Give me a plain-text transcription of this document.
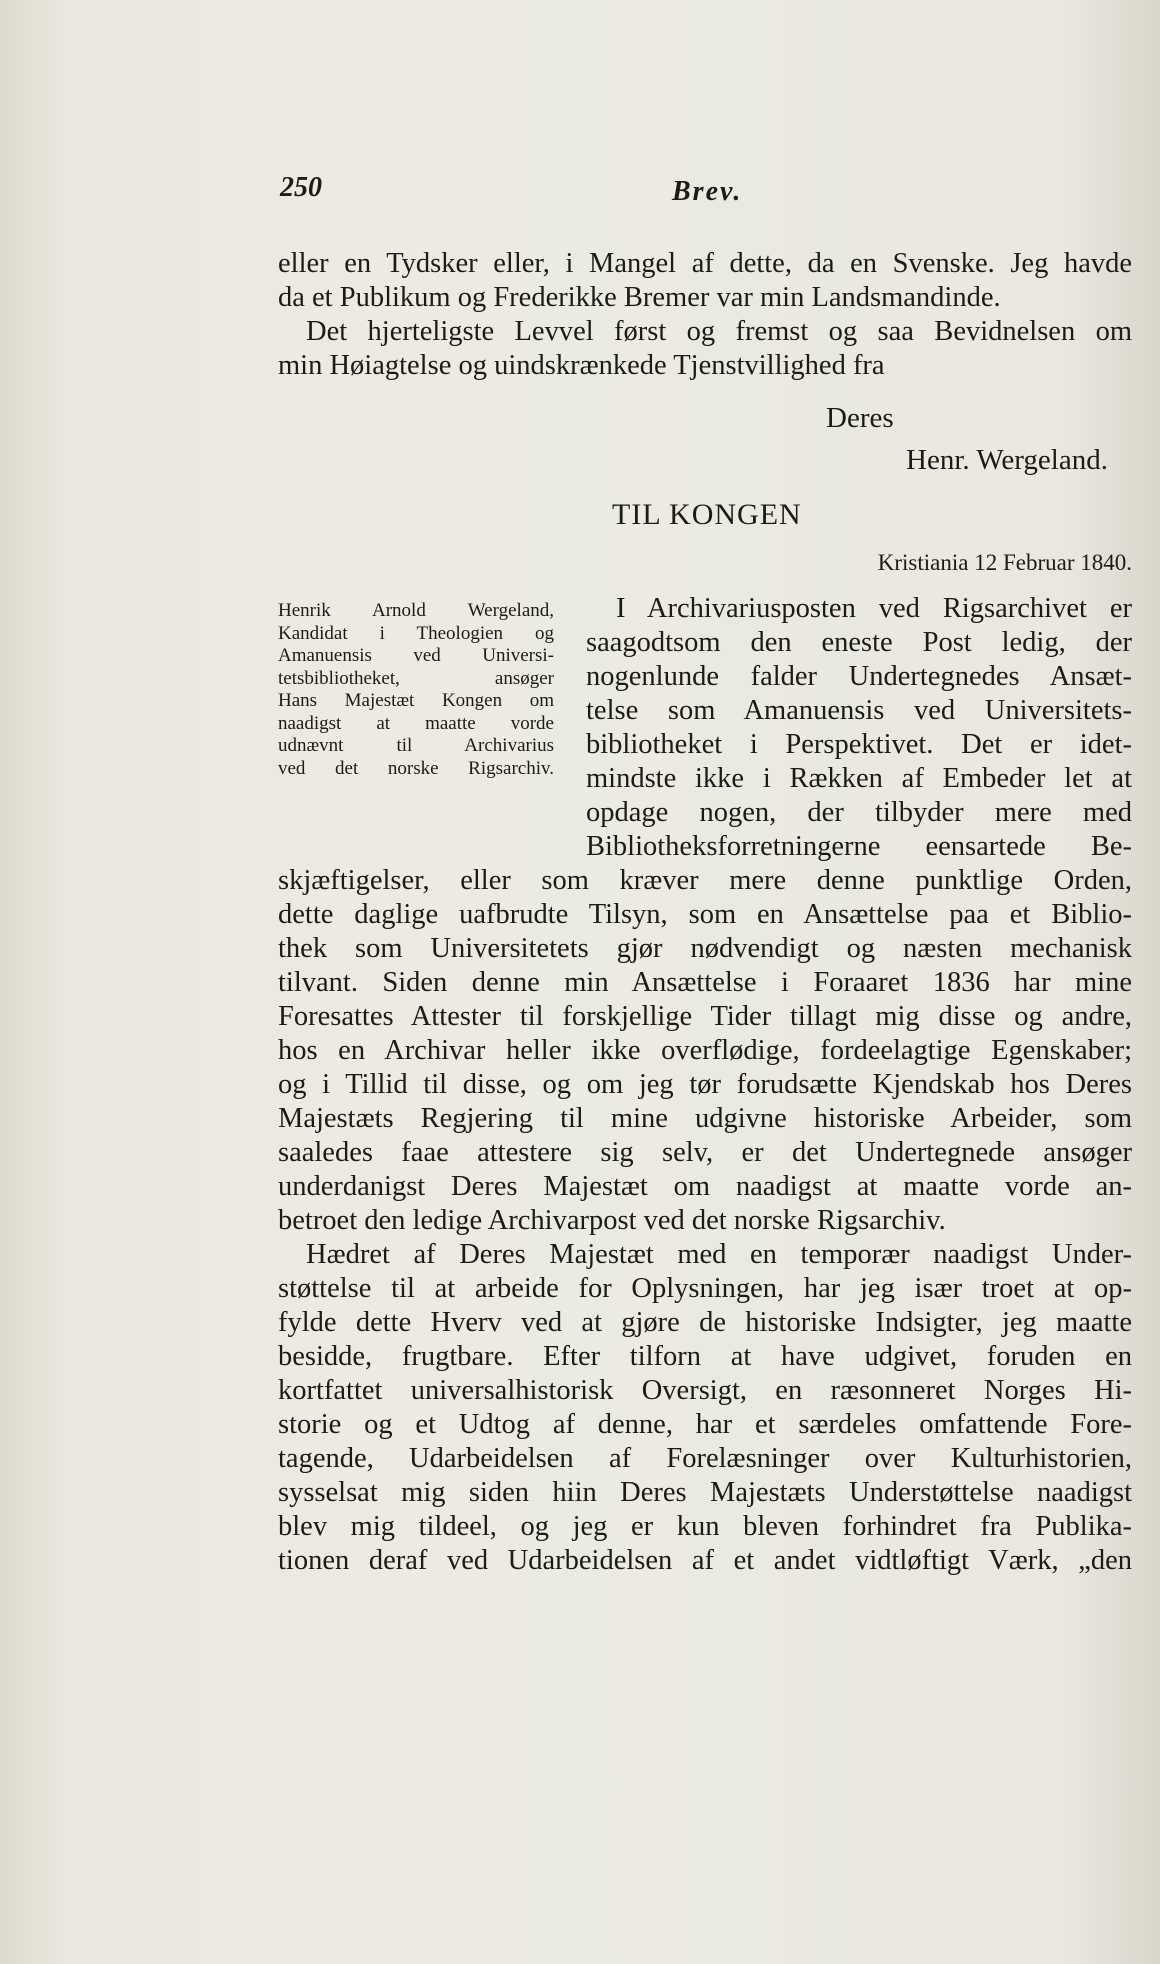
250	Brev.
eller en Tydsker eller, i Mangel af dette, da en Svenske. Jeg havde
da et Publikum og Frederikke Bremer var min Landsmandinde.
Det hjerteligste Levvel først og fremst og saa Bevidnelsen om
min Høiagtelse og uindskrænkede Tjenstvillighed fra
Deres
Henr. Wergeland.
TIL KONGEN
Kristiania 12 Februar 1840.
Henrik Arnold Wergeland,
Kandidat i Theologien og
Amanuensis ved Universi-
tetsbibliotheket, ansøger
Hans Majestæt Kongen om
naadigst at maatte vorde
udnævnt til Archivarius
ved det norske Rigsarchiv.
I Archivariusposten ved Rigsarchivet er
saagodtsom den eneste Post ledig, der
nogenlunde falder Undertegnedes Ansæt-
telse som Amanuensis ved Universitets-
bibliotheket i Perspektivet. Det er idet-
mindste ikke i Rækken af Embeder let at
opdage nogen, der tilbyder mere med
Bibliotheksforretningerne eensartede Be-
skjæftigelser, eller som kræver mere denne punktlige Orden,
dette daglige uafbrudte Tilsyn, som en Ansættelse paa et Biblio-
thek som Universitetets gjør nødvendigt og næsten mechanisk
tilvant. Siden denne min Ansættelse i Foraaret 1836 har mine
Foresattes Attester til forskjellige Tider tillagt mig disse og andre,
hos en Archivar heller ikke overflødige, fordeelagtige Egenskaber;
og i Tillid til disse, og om jeg tør forudsætte Kjendskab hos Deres
Majestæts Regjering til mine udgivne historiske Arbeider, som
saaledes faae attestere sig selv, er det Undertegnede ansøger
underdanigst Deres Majestæt om naadigst at maatte vorde an-
betroet den ledige Archivarpost ved det norske Rigsarchiv.
Hædret af Deres Majestæt med en temporær naadigst Under-
støttelse til at arbeide for Oplysningen, har jeg især troet at op-
fylde dette Hverv ved at gjøre de historiske Indsigter, jeg maatte
besidde, frugtbare. Efter tilforn at have udgivet, foruden en
kortfattet universalhistorisk Oversigt, en ræsonneret Norges Hi-
storie og et Udtog af denne, har et særdeles omfattende Fore-
tagende, Udarbeidelsen af Forelæsninger over Kulturhistorien,
sysselsat mig siden hiin Deres Majestæts Understøttelse naadigst
blev mig tildeel, og jeg er kun bleven forhindret fra Publika-
tionen deraf ved Udarbeidelsen af et andet vidtløftigt Værk, „den
